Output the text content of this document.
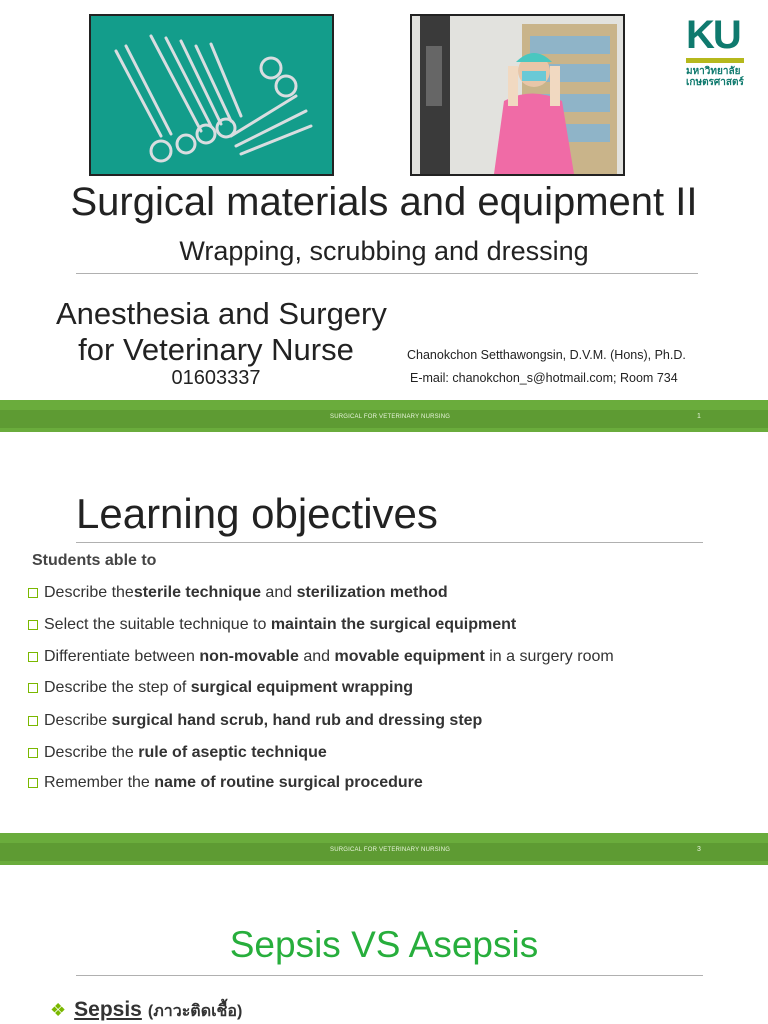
KU
มหาวิทยาลัย
เกษตรศาสตร์
Surgical materials and equipment II
Wrapping, scrubbing and dressing
Anesthesia and Surgery
for Veterinary Nurse
01603337
Chanokchon Setthawongsin, D.V.M. (Hons), Ph.D.
E-mail: chanokchon_s@hotmail.com; Room 734
SURGICAL FOR VETERINARY NURSING	1
Learning objectives
Students able to
Describe the sterile technique and sterilization method
Select the suitable technique to maintain the surgical equipment
Differentiate between non-movable and movable equipment in a surgery room
Describe the step of surgical equipment wrapping
Describe surgical hand scrub, hand rub and dressing step
Describe the rule of aseptic technique
Remember the name of routine surgical procedure
SURGICAL FOR VETERINARY NURSING	3
Sepsis VS Asepsis
❖ Sepsis (ภาวะติดเชื้อ)
